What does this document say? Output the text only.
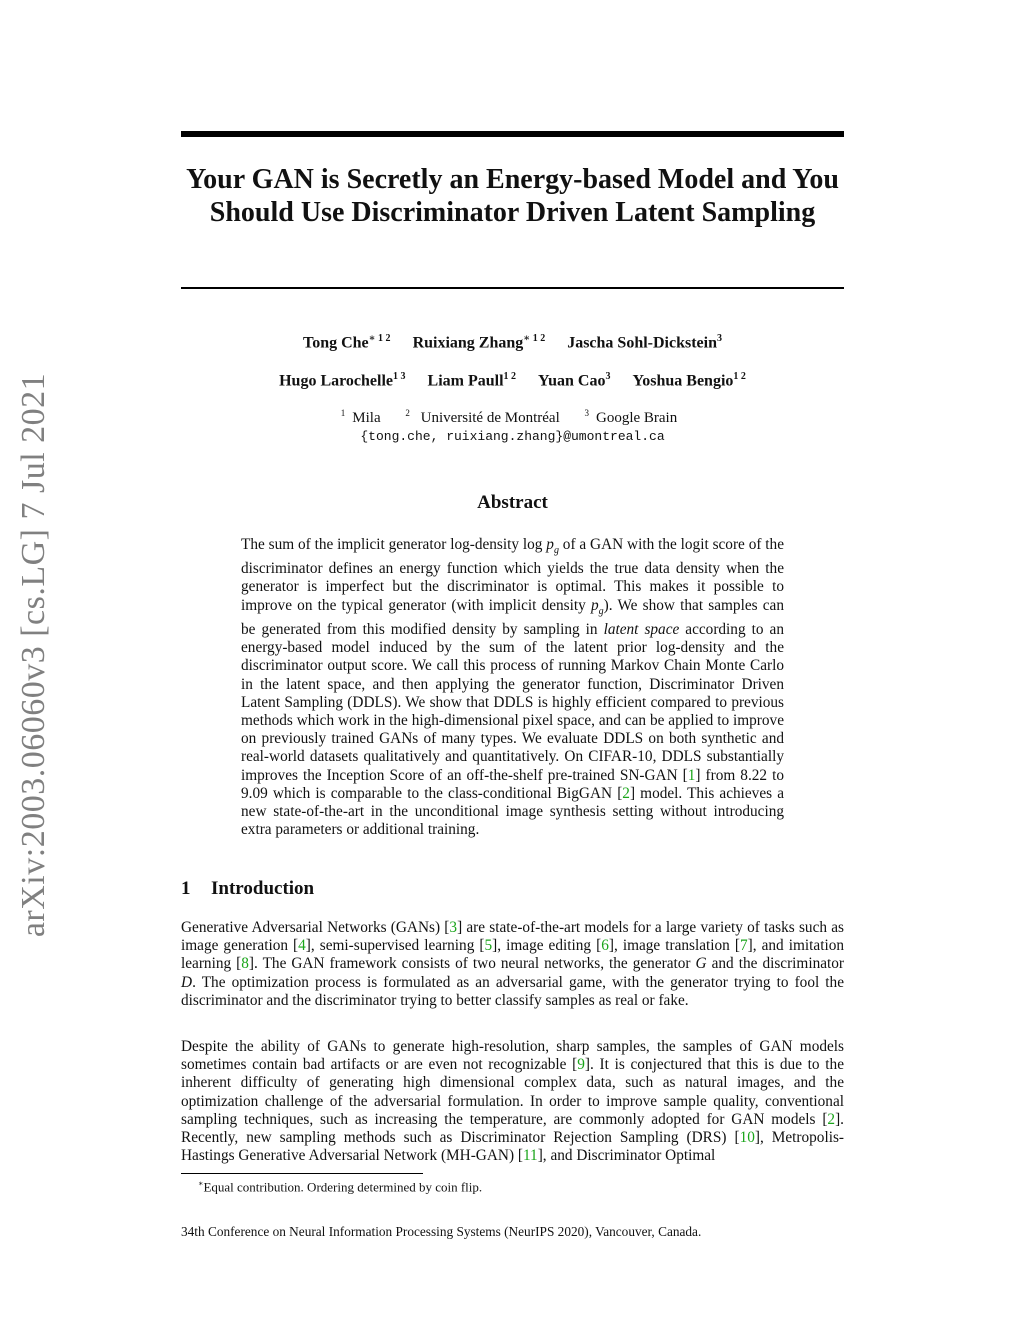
arXiv:2003.06060v3 [cs.LG] 7 Jul 2021
Your GAN is Secretly an Energy-based Model and You Should Use Discriminator Driven Latent Sampling
Tong Che$^{∗ 1 2}$ Ruixiang Zhang$^{∗ 1 2}$ Jascha Sohl-Dickstein$^3$
Hugo Larochelle$^{1 3}$ Liam Paull$^{1 2}$ Yuan Cao$^3$ Yoshua Bengio$^{1 2}$
$^1$ Mila	$^2$ Université de Montréal	$^3$ Google Brain
{tong.che, ruixiang.zhang}@umontreal.ca
Abstract
The sum of the implicit generator log-density $\log p_g$ of a GAN with the logit score of the discriminator defines an energy function which yields the true data density when the generator is imperfect but the discriminator is optimal. This makes it possible to improve on the typical generator (with implicit density $p_g$). We show that samples can be generated from this modified density by sampling in latent space according to an energy-based model induced by the sum of the latent prior log-density and the discriminator output score. We call this process of running Markov Chain Monte Carlo in the latent space, and then applying the generator function, Discriminator Driven Latent Sampling (DDLS). We show that DDLS is highly efficient compared to previous methods which work in the high-dimensional pixel space, and can be applied to improve on previously trained GANs of many types. We evaluate DDLS on both synthetic and real-world datasets qualitatively and quantitatively. On CIFAR-10, DDLS substantially improves the Inception Score of an off-the-shelf pre-trained SN-GAN [1] from 8.22 to 9.09 which is comparable to the class-conditional BigGAN [2] model. This achieves a new state-of-the-art in the unconditional image synthesis setting without introducing extra parameters or additional training.
1 Introduction
Generative Adversarial Networks (GANs) [3] are state-of-the-art models for a large variety of tasks such as image generation [4], semi-supervised learning [5], image editing [6], image translation [7], and imitation learning [8]. The GAN framework consists of two neural networks, the generator G and the discriminator D. The optimization process is formulated as an adversarial game, with the generator trying to fool the discriminator and the discriminator trying to better classify samples as real or fake.
Despite the ability of GANs to generate high-resolution, sharp samples, the samples of GAN models sometimes contain bad artifacts or are even not recognizable [9]. It is conjectured that this is due to the inherent difficulty of generating high dimensional complex data, such as natural images, and the optimization challenge of the adversarial formulation. In order to improve sample quality, conventional sampling techniques, such as increasing the temperature, are commonly adopted for GAN models [2]. Recently, new sampling methods such as Discriminator Rejection Sampling (DRS) [10], Metropolis-Hastings Generative Adversarial Network (MH-GAN) [11], and Discriminator Optimal
∗Equal contribution. Ordering determined by coin flip.
34th Conference on Neural Information Processing Systems (NeurIPS 2020), Vancouver, Canada.
